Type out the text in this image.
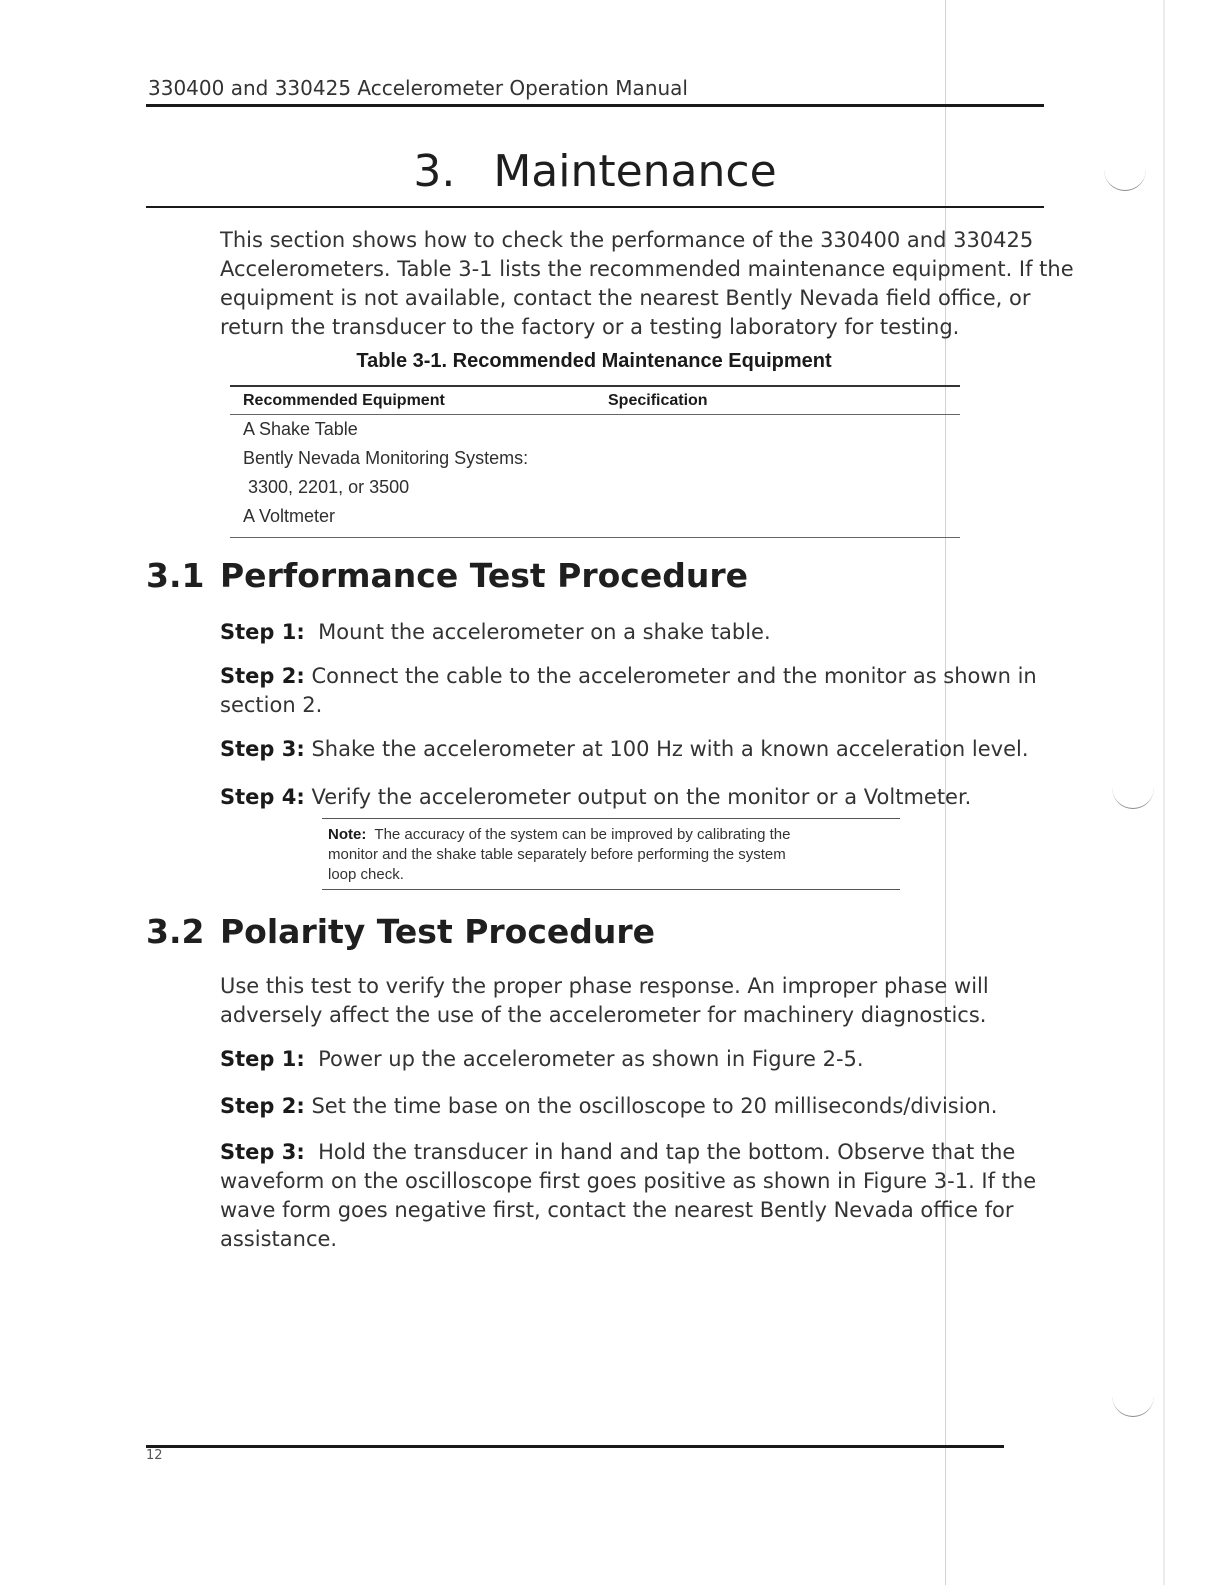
330400 and 330425 Accelerometer Operation Manual
3. Maintenance
This section shows how to check the performance of the 330400 and 330425
Accelerometers. Table 3-1 lists the recommended maintenance equipment. If the
equipment is not available, contact the nearest Bently Nevada field office, or
return the transducer to the factory or a testing laboratory for testing.
Table 3-1. Recommended Maintenance Equipment
Recommended Equipment	Specification
A Shake Table
Bently Nevada Monitoring Systems:
3300, 2201, or 3500
A Voltmeter
3.1 Performance Test Procedure
Step 1: Mount the accelerometer on a shake table.
Step 2: Connect the cable to the accelerometer and the monitor as shown in
section 2.
Step 3: Shake the accelerometer at 100 Hz with a known acceleration level.
Step 4: Verify the accelerometer output on the monitor or a Voltmeter.
Note: The accuracy of the system can be improved by calibrating the
monitor and the shake table separately before performing the system
loop check.
3.2 Polarity Test Procedure
Use this test to verify the proper phase response. An improper phase will
adversely affect the use of the accelerometer for machinery diagnostics.
Step 1: Power up the accelerometer as shown in Figure 2-5.
Step 2: Set the time base on the oscilloscope to 20 milliseconds/division.
Step 3: Hold the transducer in hand and tap the bottom. Observe that the
waveform on the oscilloscope first goes positive as shown in Figure 3-1. If the
wave form goes negative first, contact the nearest Bently Nevada office for
assistance.
12
